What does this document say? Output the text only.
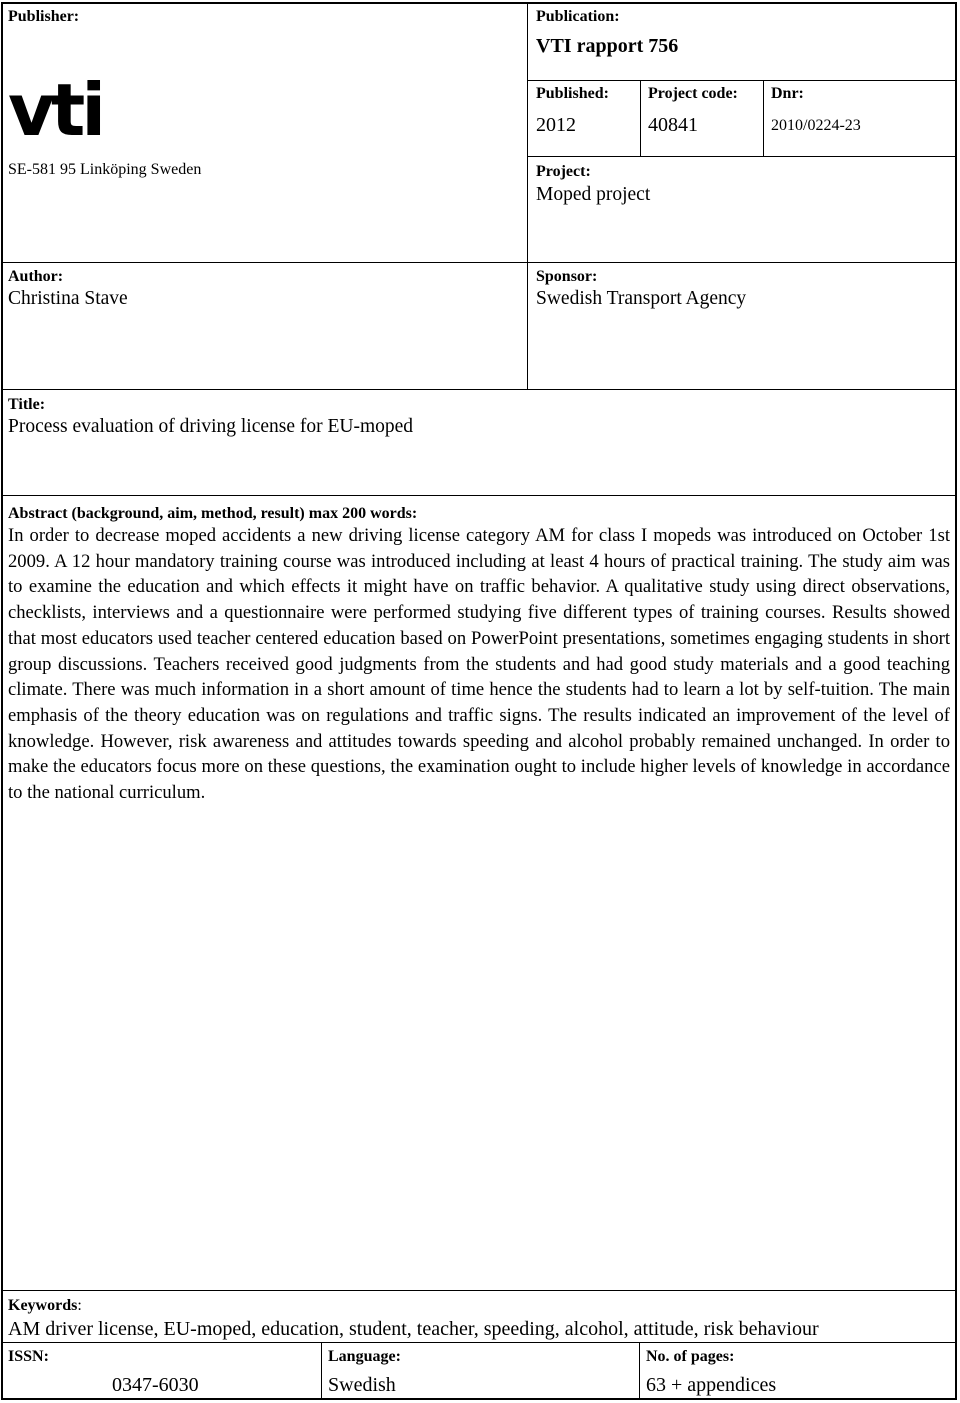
Publisher:
vti
SE-581 95 Linköping Sweden
Publication:
VTI rapport 756
Published:
2012
Project code:
40841
Dnr:
2010/0224-23
Project:
Moped project
Author:
Christina Stave
Sponsor:
Swedish Transport Agency
Title:
Process evaluation of driving license for EU-moped
Abstract (background, aim, method, result) max 200 words:
In order to decrease moped accidents a new driving license category AM for class I mopeds was introduced on October 1st 2009. A 12 hour mandatory training course was introduced including at least 4 hours of practical training. The study aim was to examine the education and which effects it might have on traffic behavior. A qualitative study using direct observations, checklists, interviews and a questionnaire were performed studying five different types of training courses. Results showed that most educators used teacher centered education based on PowerPoint presentations, sometimes engaging students in short group discussions. Teachers received good judgments from the students and had good study materials and a good teaching climate. There was much information in a short amount of time hence the students had to learn a lot by self-tuition. The main emphasis of the theory education was on regulations and traffic signs. The results indicated an improvement of the level of knowledge. However, risk awareness and attitudes towards speeding and alcohol probably remained unchanged. In order to make the educators focus more on these questions, the examination ought to include higher levels of knowledge in accordance to the national curriculum.
Keywords:
AM driver license, EU-moped, education, student, teacher, speeding, alcohol, attitude, risk behaviour
ISSN:
0347-6030
Language:
Swedish
No. of pages:
63 + appendices
